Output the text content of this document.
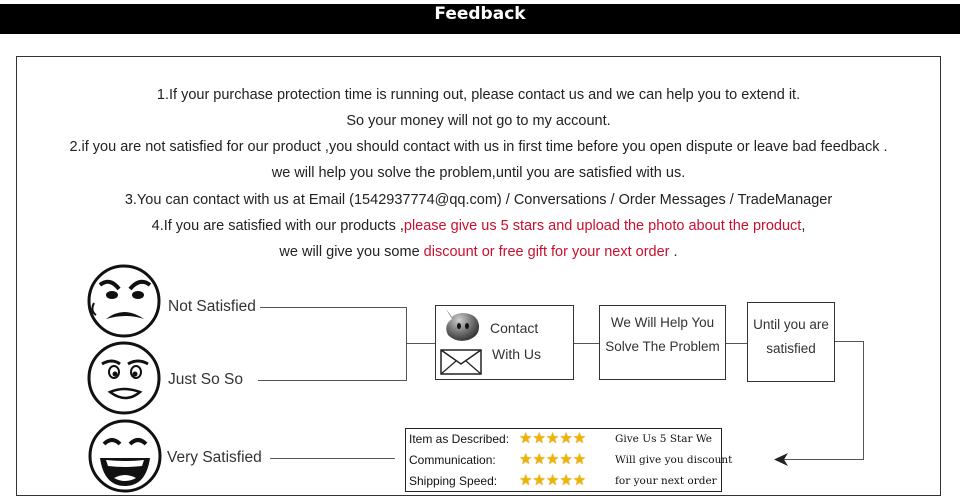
Feedback
1.If your purchase protection time is running out, please contact us and we can help you to extend it.
So your money will not go to my account.
2.if you are not satisfied for our product ,you should contact with us in first time before you open dispute or leave bad feedback .
we will help you solve the problem,until you are satisfied with us.
3.You can contact with us at Email (1542937774@qq.com) / Conversations / Order Messages / TradeManager
4.If you are satisfied with our products ,please give us 5 stars and upload the photo about the product,
we will give you some discount or free gift for your next order .
Not Satisfied
Just So So
Very Satisfied
Contact
With Us
We Will Help You
Solve The Problem
Until you are
satisfied
Item as Described: ★★★★★	Give Us 5 Star We
Communication: ★★★★★	Will give you discount
Shipping Speed: ★★★★★	for your next order
